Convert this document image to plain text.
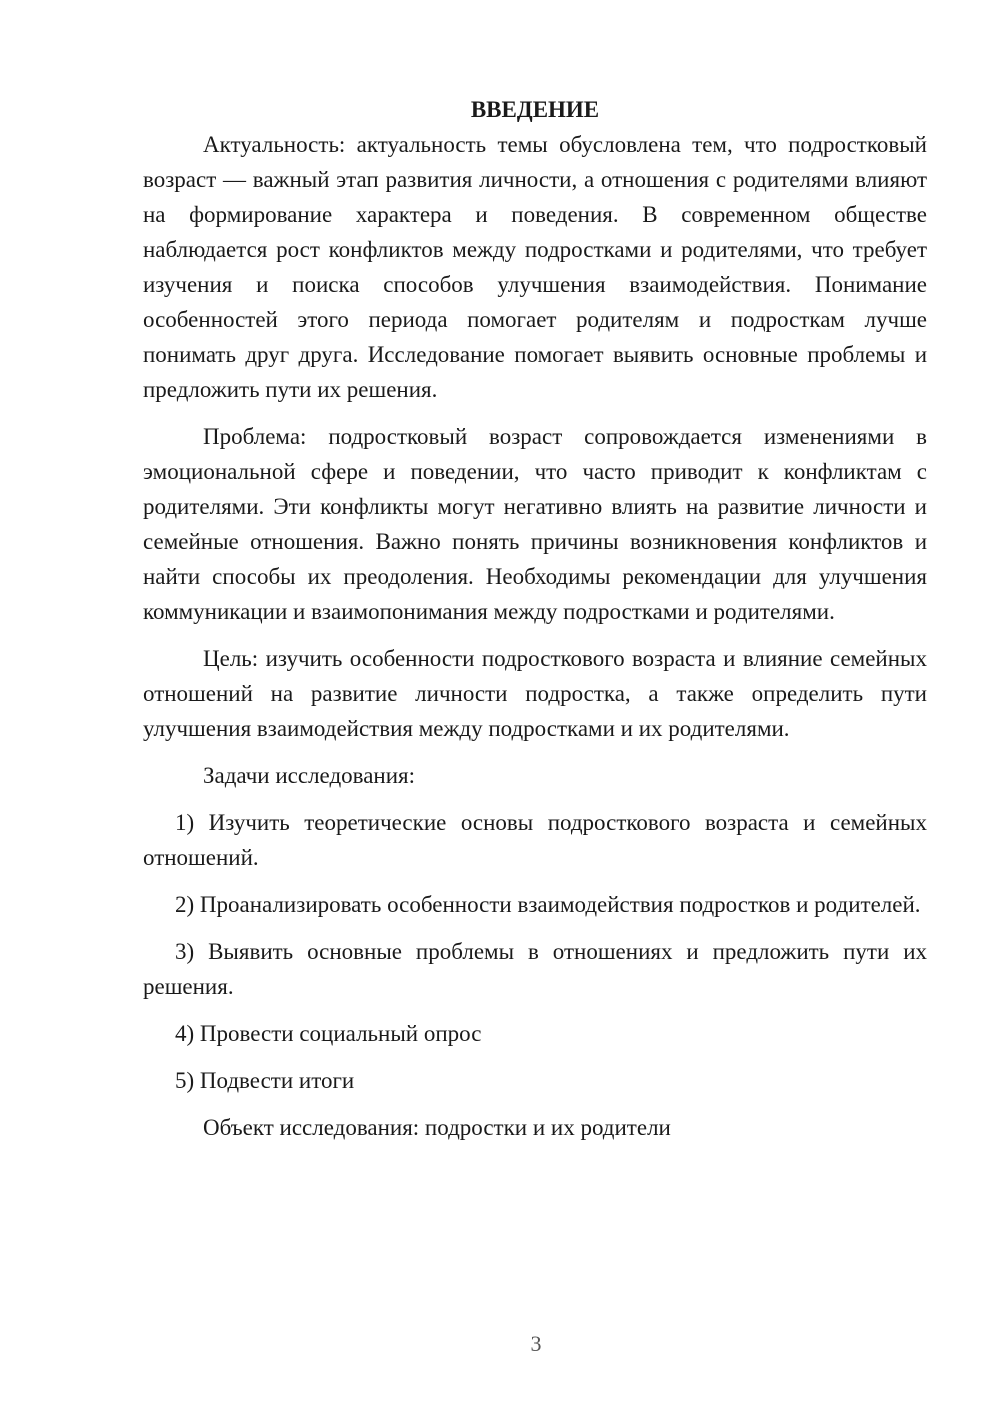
ВВЕДЕНИЕ

Актуальность: актуальность темы обусловлена тем, что подростковый возраст — важный этап развития личности, а отношения с родителями влияют на формирование характера и поведения. В современном обществе наблюдается рост конфликтов между подростками и родителями, что требует изучения и поиска способов улучшения взаимодействия. Понимание особенностей этого периода помогает родителям и подросткам лучше понимать друг друга. Исследование помогает выявить основные проблемы и предложить пути их решения.

Проблема: подростковый возраст сопровождается изменениями в эмоциональной сфере и поведении, что часто приводит к конфликтам с родителями. Эти конфликты могут негативно влиять на развитие личности и семейные отношения. Важно понять причины возникновения конфликтов и найти способы их преодоления. Необходимы рекомендации для улучшения коммуникации и взаимопонимания между подростками и родителями.

Цель: изучить особенности подросткового возраста и влияние семейных отношений на развитие личности подростка, а также определить пути улучшения взаимодействия между подростками и их родителями.

Задачи исследования:

1) Изучить теоретические основы подросткового возраста и семейных отношений.

2) Проанализировать особенности взаимодействия подростков и родителей.

3) Выявить основные проблемы в отношениях и предложить пути их решения.

4) Провести социальный опрос

5) Подвести итоги

Объект исследования: подростки и их родители

3
